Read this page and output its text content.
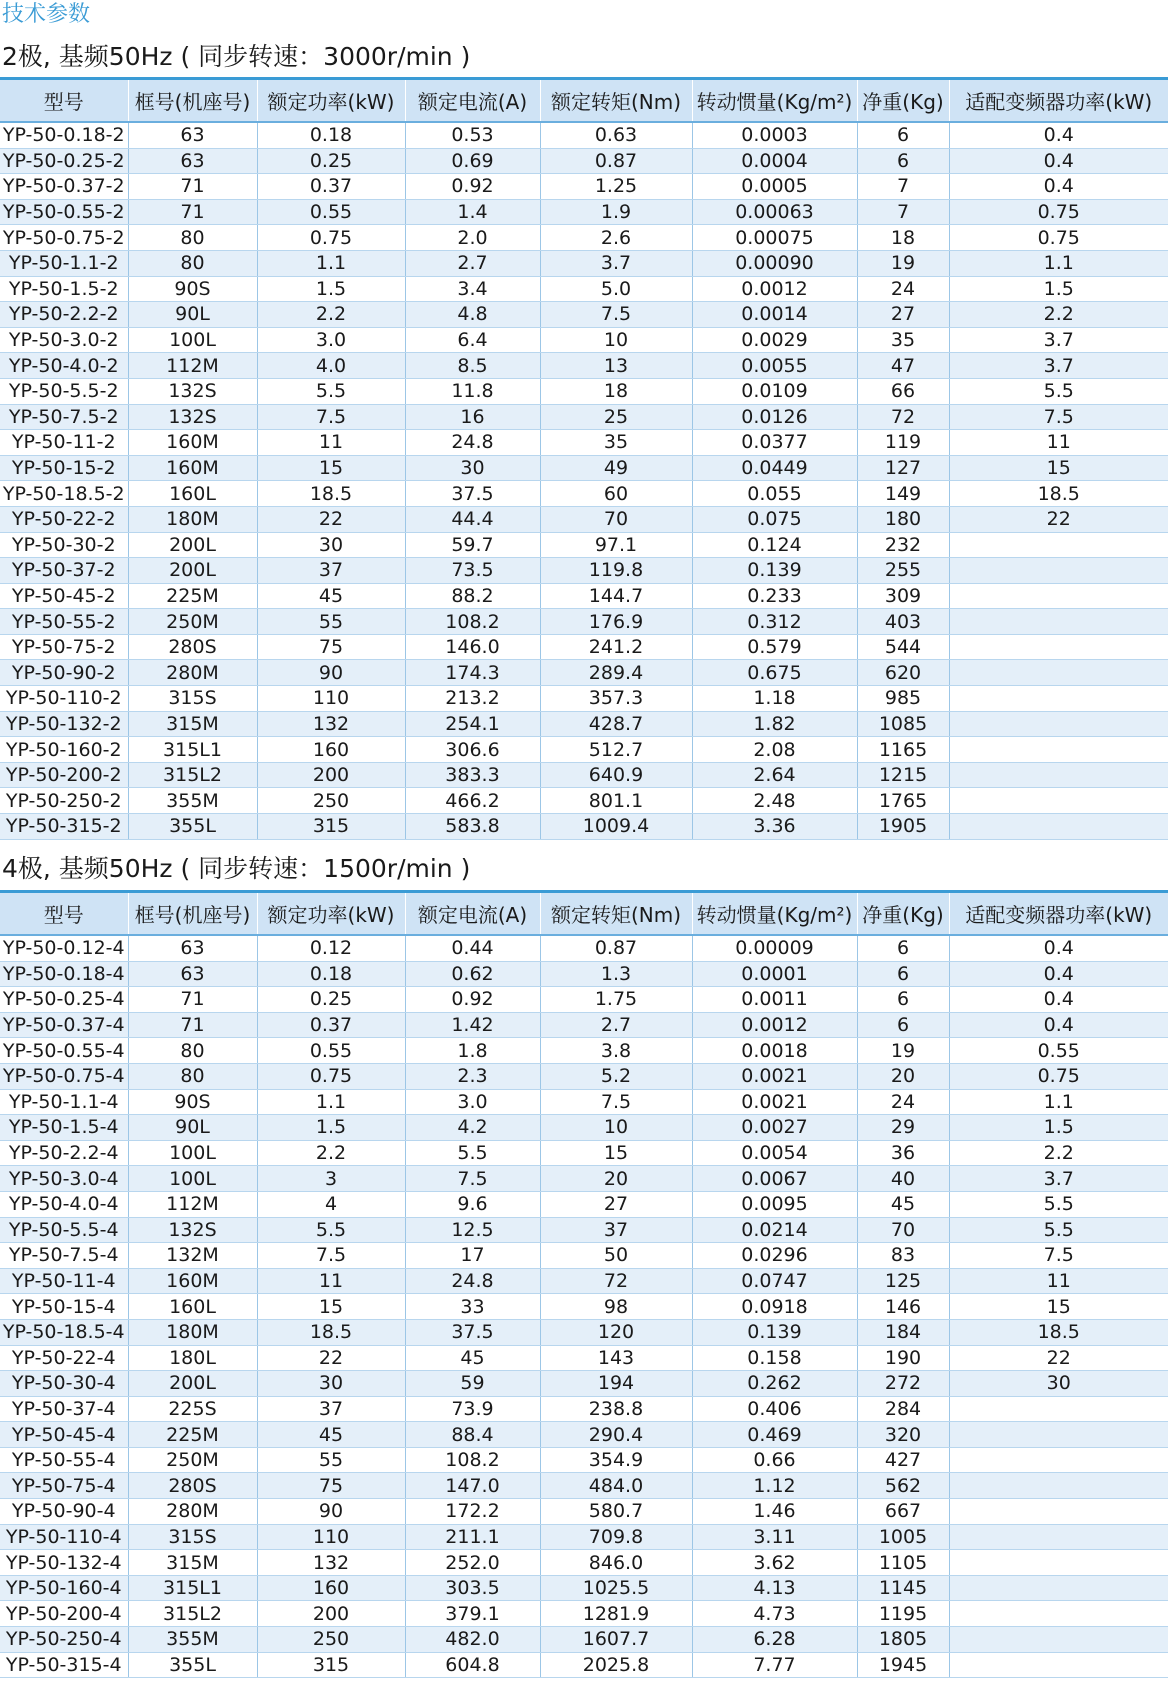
技术参数
2极, 基频50Hz ( 同步转速：3000r/min )
型号	框号(机座号)	额定功率(kW)	额定电流(A)	额定转矩(Nm)	转动惯量(Kg/m²)	净重(Kg)	适配变频器功率(kW)
YP-50-0.18-2	63	0.18	0.53	0.63	0.0003	6	0.4
YP-50-0.25-2	63	0.25	0.69	0.87	0.0004	6	0.4
YP-50-0.37-2	71	0.37	0.92	1.25	0.0005	7	0.4
YP-50-0.55-2	71	0.55	1.4	1.9	0.00063	7	0.75
YP-50-0.75-2	80	0.75	2.0	2.6	0.00075	18	0.75
YP-50-1.1-2	80	1.1	2.7	3.7	0.00090	19	1.1
YP-50-1.5-2	90S	1.5	3.4	5.0	0.0012	24	1.5
YP-50-2.2-2	90L	2.2	4.8	7.5	0.0014	27	2.2
YP-50-3.0-2	100L	3.0	6.4	10	0.0029	35	3.7
YP-50-4.0-2	112M	4.0	8.5	13	0.0055	47	3.7
YP-50-5.5-2	132S	5.5	11.8	18	0.0109	66	5.5
YP-50-7.5-2	132S	7.5	16	25	0.0126	72	7.5
YP-50-11-2	160M	11	24.8	35	0.0377	119	11
YP-50-15-2	160M	15	30	49	0.0449	127	15
YP-50-18.5-2	160L	18.5	37.5	60	0.055	149	18.5
YP-50-22-2	180M	22	44.4	70	0.075	180	22
YP-50-30-2	200L	30	59.7	97.1	0.124	232	
YP-50-37-2	200L	37	73.5	119.8	0.139	255	
YP-50-45-2	225M	45	88.2	144.7	0.233	309	
YP-50-55-2	250M	55	108.2	176.9	0.312	403	
YP-50-75-2	280S	75	146.0	241.2	0.579	544	
YP-50-90-2	280M	90	174.3	289.4	0.675	620	
YP-50-110-2	315S	110	213.2	357.3	1.18	985	
YP-50-132-2	315M	132	254.1	428.7	1.82	1085	
YP-50-160-2	315L1	160	306.6	512.7	2.08	1165	
YP-50-200-2	315L2	200	383.3	640.9	2.64	1215	
YP-50-250-2	355M	250	466.2	801.1	2.48	1765	
YP-50-315-2	355L	315	583.8	1009.4	3.36	1905	
4极, 基频50Hz ( 同步转速：1500r/min )
型号	框号(机座号)	额定功率(kW)	额定电流(A)	额定转矩(Nm)	转动惯量(Kg/m²)	净重(Kg)	适配变频器功率(kW)
YP-50-0.12-4	63	0.12	0.44	0.87	0.00009	6	0.4
YP-50-0.18-4	63	0.18	0.62	1.3	0.0001	6	0.4
YP-50-0.25-4	71	0.25	0.92	1.75	0.0011	6	0.4
YP-50-0.37-4	71	0.37	1.42	2.7	0.0012	6	0.4
YP-50-0.55-4	80	0.55	1.8	3.8	0.0018	19	0.55
YP-50-0.75-4	80	0.75	2.3	5.2	0.0021	20	0.75
YP-50-1.1-4	90S	1.1	3.0	7.5	0.0021	24	1.1
YP-50-1.5-4	90L	1.5	4.2	10	0.0027	29	1.5
YP-50-2.2-4	100L	2.2	5.5	15	0.0054	36	2.2
YP-50-3.0-4	100L	3	7.5	20	0.0067	40	3.7
YP-50-4.0-4	112M	4	9.6	27	0.0095	45	5.5
YP-50-5.5-4	132S	5.5	12.5	37	0.0214	70	5.5
YP-50-7.5-4	132M	7.5	17	50	0.0296	83	7.5
YP-50-11-4	160M	11	24.8	72	0.0747	125	11
YP-50-15-4	160L	15	33	98	0.0918	146	15
YP-50-18.5-4	180M	18.5	37.5	120	0.139	184	18.5
YP-50-22-4	180L	22	45	143	0.158	190	22
YP-50-30-4	200L	30	59	194	0.262	272	30
YP-50-37-4	225S	37	73.9	238.8	0.406	284	
YP-50-45-4	225M	45	88.4	290.4	0.469	320	
YP-50-55-4	250M	55	108.2	354.9	0.66	427	
YP-50-75-4	280S	75	147.0	484.0	1.12	562	
YP-50-90-4	280M	90	172.2	580.7	1.46	667	
YP-50-110-4	315S	110	211.1	709.8	3.11	1005	
YP-50-132-4	315M	132	252.0	846.0	3.62	1105	
YP-50-160-4	315L1	160	303.5	1025.5	4.13	1145	
YP-50-200-4	315L2	200	379.1	1281.9	4.73	1195	
YP-50-250-4	355M	250	482.0	1607.7	6.28	1805	
YP-50-315-4	355L	315	604.8	2025.8	7.77	1945	
